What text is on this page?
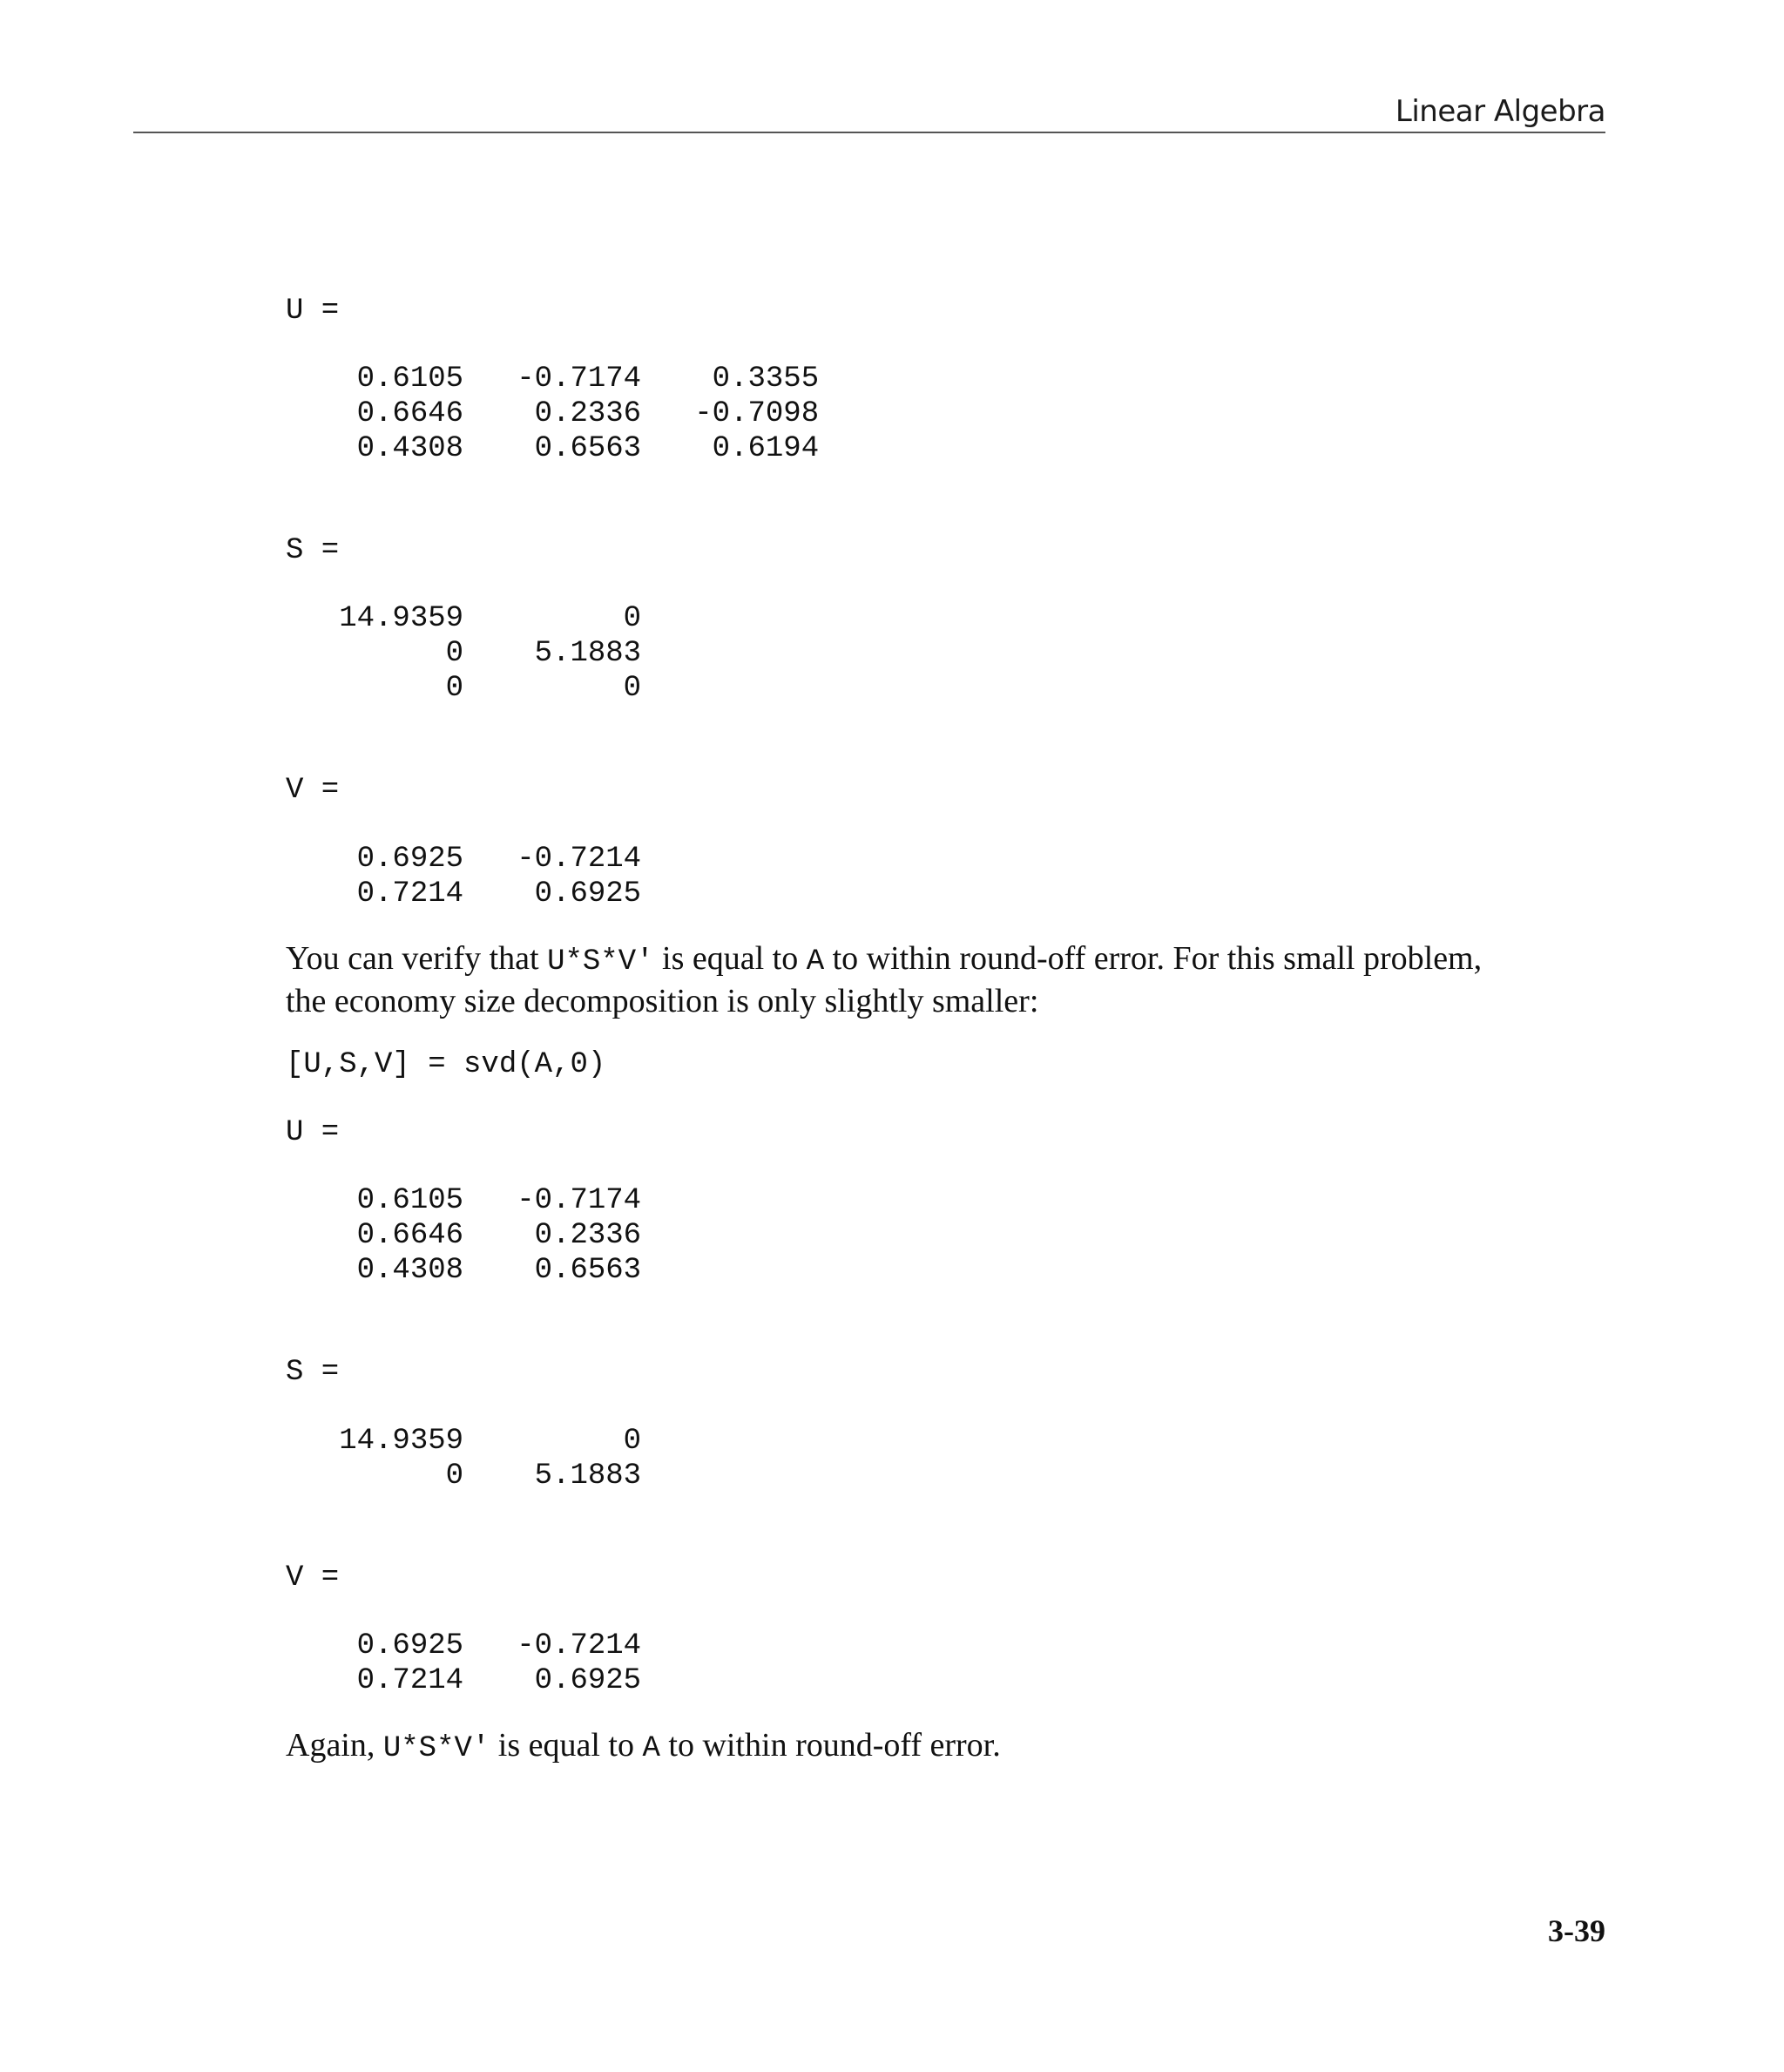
Linear Algebra
U =
0.6105   -0.7174    0.3355
0.6646    0.2336   -0.7098
0.4308    0.6563    0.6194
S =
14.9359         0
0    5.1883
0         0
V =
0.6925   -0.7214
0.7214    0.6925

You can verify that U*S*V' is equal to A to within round-off error. For this small problem, the economy size decomposition is only slightly smaller:

[U,S,V] = svd(A,0)
U =
0.6105   -0.7174
0.6646    0.2336
0.4308    0.6563
S =
14.9359         0
0    5.1883
V =
0.6925   -0.7214
0.7214    0.6925

Again, U*S*V' is equal to A to within round-off error.

3-39
